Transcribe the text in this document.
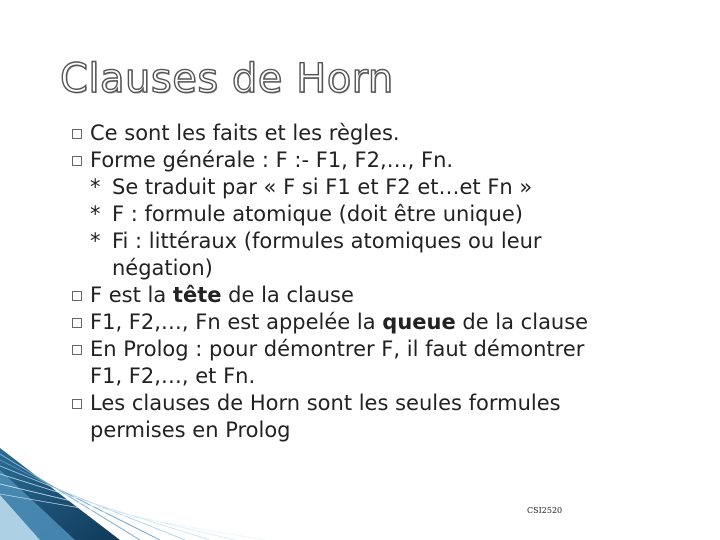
Clauses de Horn
Ce sont les faits et les règles.
Forme générale : F :- F1, F2,…, Fn.
* Se traduit par « F si F1 et F2 et…et Fn »
* F : formule atomique (doit être unique)
* Fi : littéraux (formules atomiques ou leur
négation)
F est la tête de la clause
F1, F2,…, Fn est appelée la queue de la clause
En Prolog : pour démontrer F, il faut démontrer
F1, F2,…, et Fn.
Les clauses de Horn sont les seules formules
permises en Prolog
CSI2520
